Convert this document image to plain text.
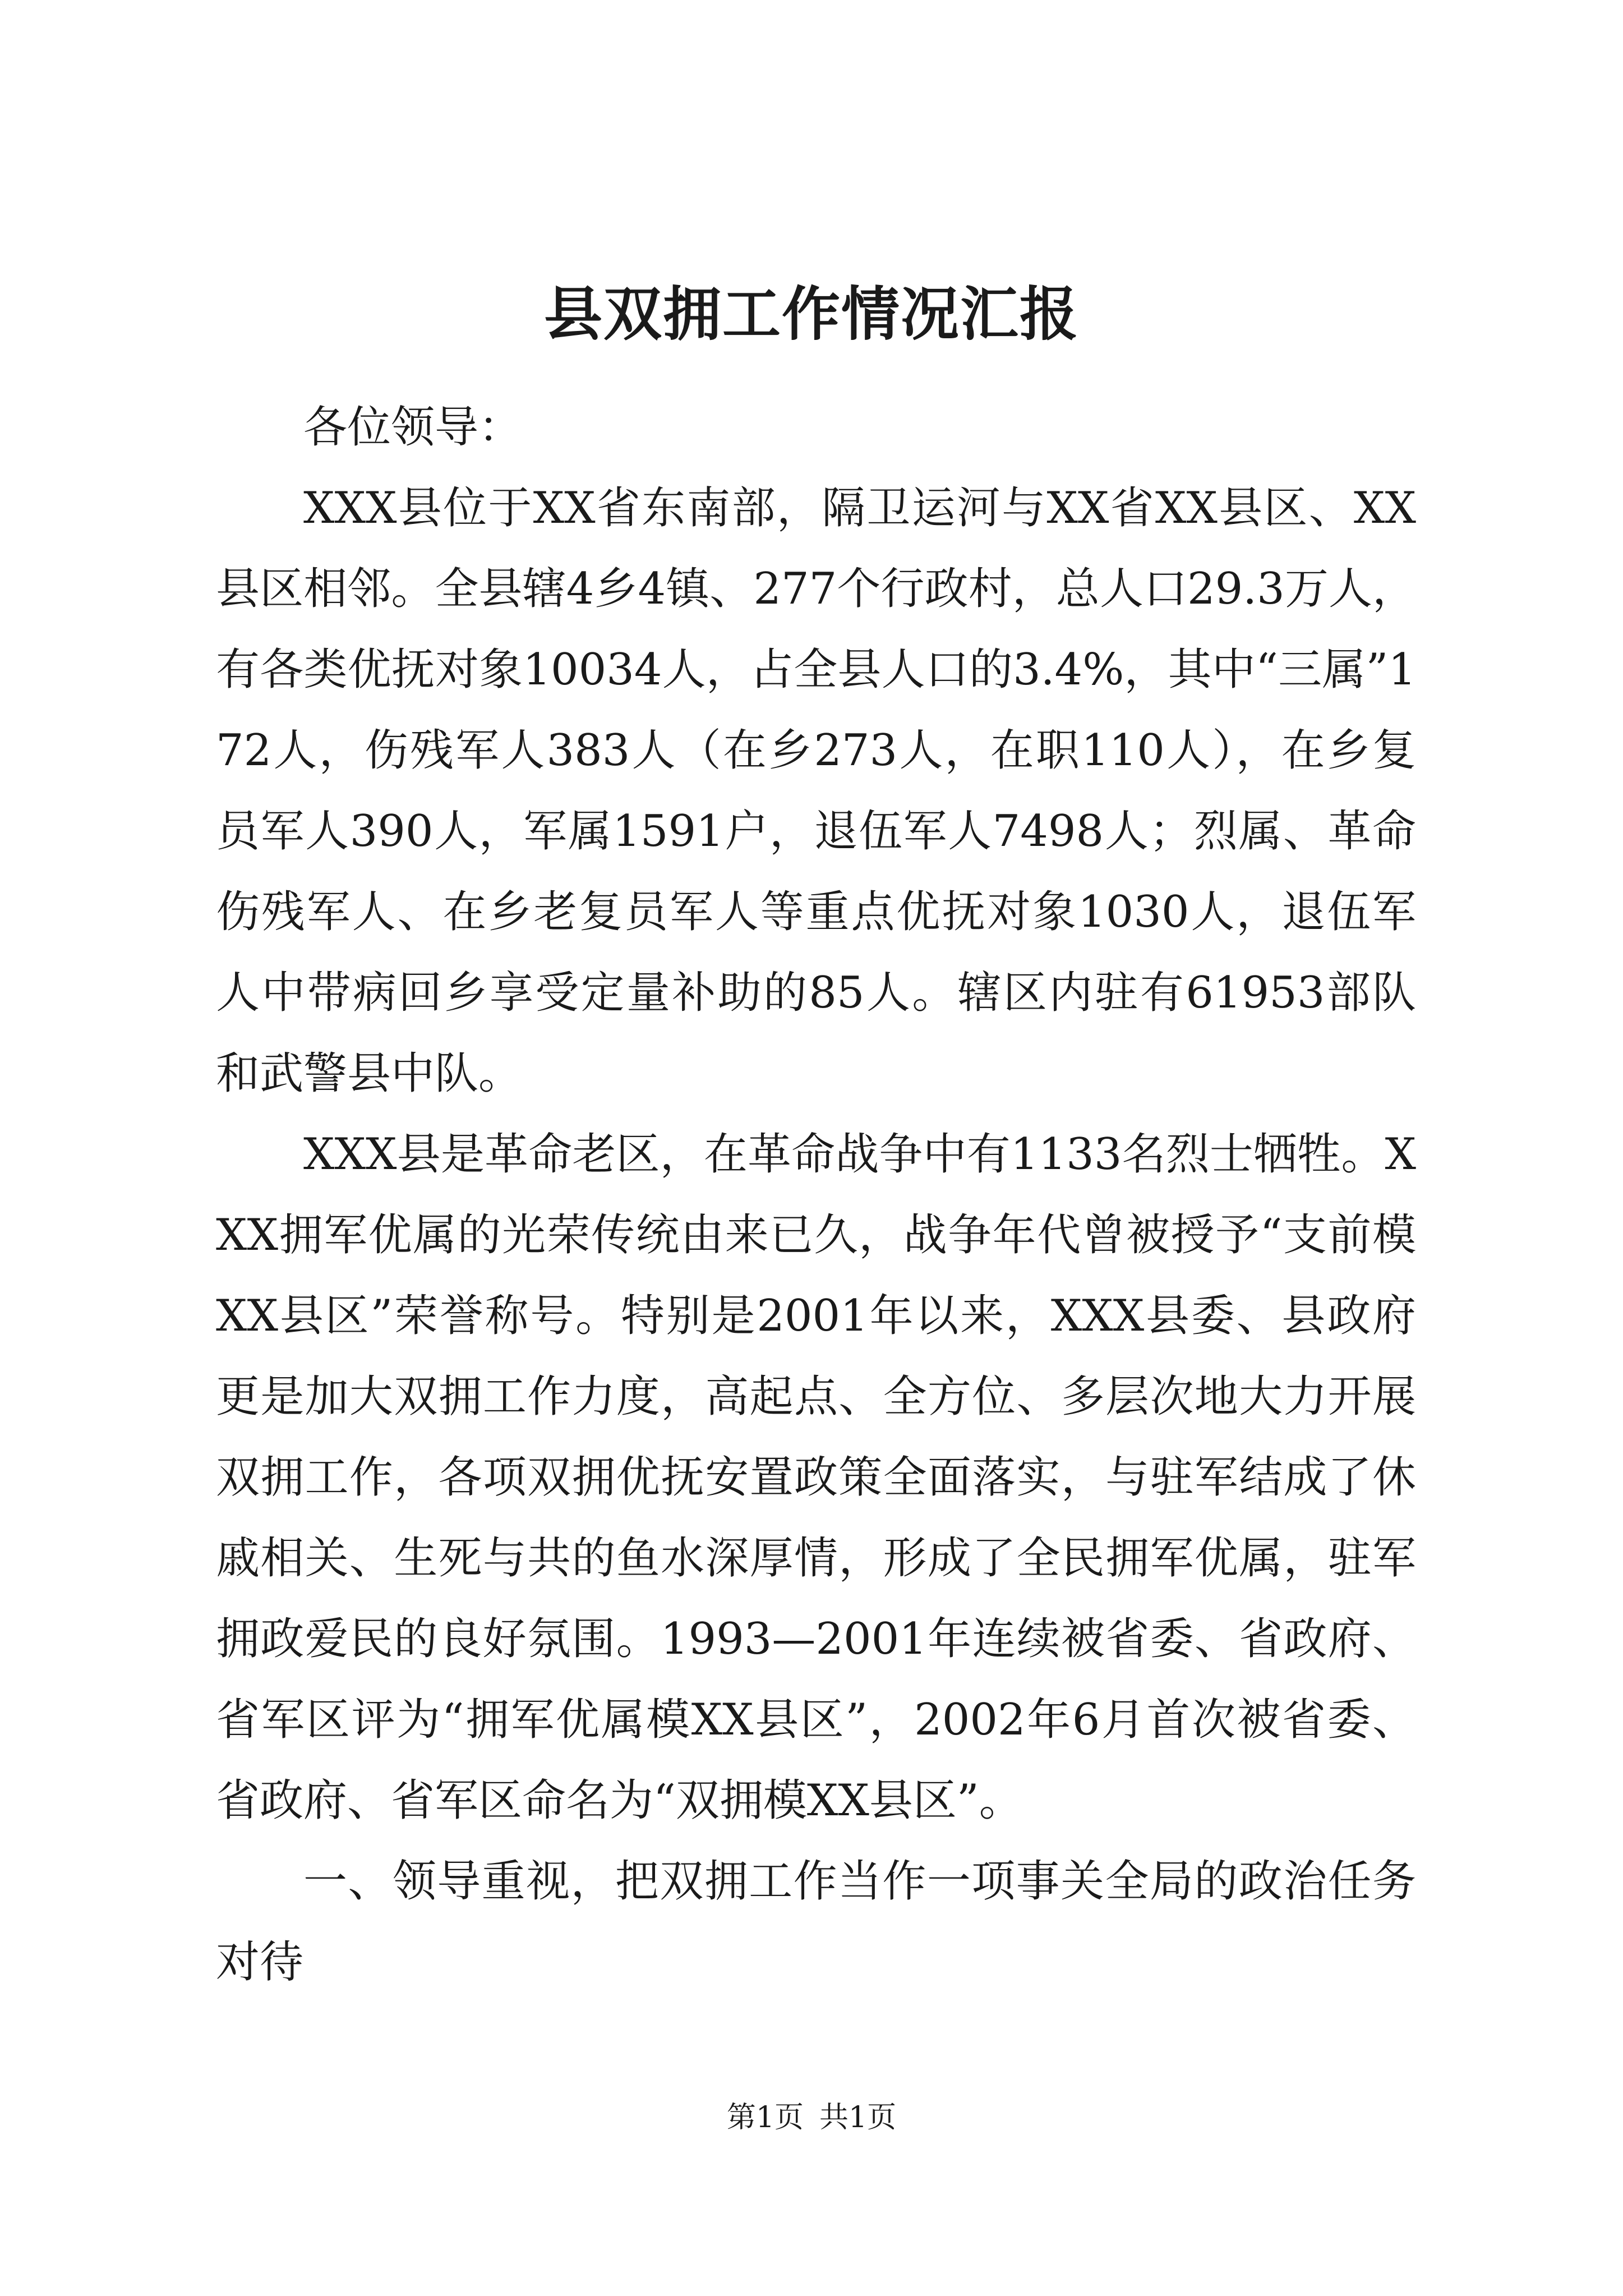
县双拥工作情况汇报

各位领导：

XXX县位于XX省东南部，隔卫运河与XX省XX县区、XX县区相邻。全县辖4乡4镇、277个行政村，总人口29.3万人，有各类优抚对象10034人，占全县人口的3.4%，其中“三属”172人，伤残军人383人（在乡273人，在职110人），在乡复员军人390人，军属1591户，退伍军人7498人；烈属、革命伤残军人、在乡老复员军人等重点优抚对象1030人，退伍军人中带病回乡享受定量补助的85人。辖区内驻有61953部队和武警县中队。

XXX县是革命老区，在革命战争中有1133名烈士牺牲。XXX拥军优属的光荣传统由来已久，战争年代曾被授予“支前模XX县区”荣誉称号。特别是2001年以来，XXX县委、县政府更是加大双拥工作力度，高起点、全方位、多层次地大力开展双拥工作，各项双拥优抚安置政策全面落实，与驻军结成了休戚相关、生死与共的鱼水深厚情，形成了全民拥军优属，驻军拥政爱民的良好氛围。1993—2001年连续被省委、省政府、省军区评为“拥军优属模XX县区”，2002年6月首次被省委、省政府、省军区命名为“双拥模XX县区”。

一、领导重视，把双拥工作当作一项事关全局的政治任务对待

第1页 共1页
